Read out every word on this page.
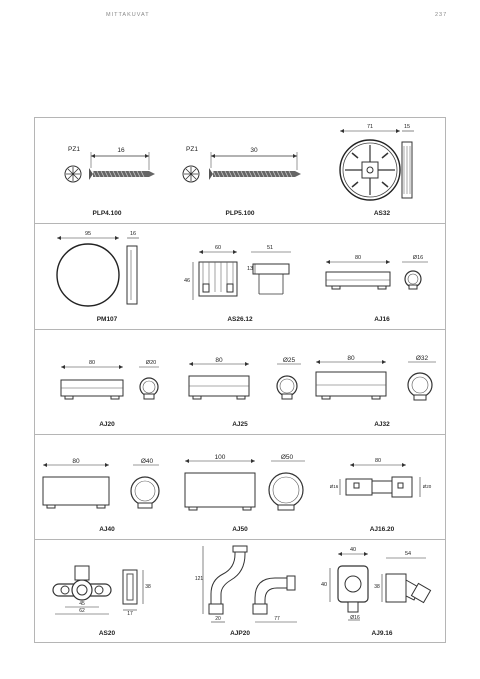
MITTAKUVAT	237
PZ1	16
PLP4.100
PZ1	30
PLP5.100
71	15
AS32
95	16
PM107
60	51
46
13
AS26.12
80	Ø16
AJ16
80	Ø20
AJ20
80	Ø25
AJ25
80	Ø32
AJ32
80	Ø40
AJ40
100	Ø50
AJ50
80
Ø16	Ø20
AJ16.20
45
62
38
17
AS20
121
20	77
AJP20
40
40	38
54
Ø16
AJ9.16
